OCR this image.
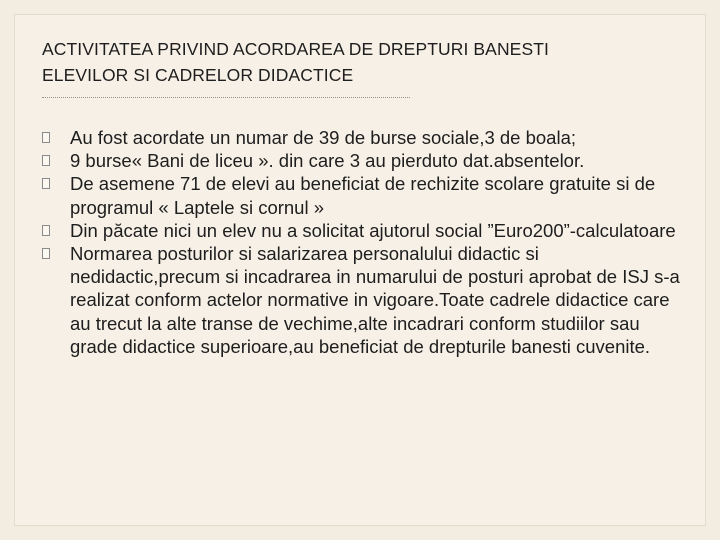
ACTIVITATEA PRIVIND ACORDAREA DE DREPTURI BANESTI
ELEVILOR SI CADRELOR DIDACTICE
Au fost acordate un numar de 39 de burse sociale,3 de boala;
9 burse« Bani de liceu ». din care 3 au pierduto dat.absentelor.
De asemene 71 de elevi au beneficiat de rechizite scolare gratuite si de programul « Laptele si cornul »
Din păcate nici un elev nu a solicitat ajutorul social ”Euro200”-calculatoare
Normarea posturilor si salarizarea personalului didactic si nedidactic,precum si incadrarea in numarului de posturi aprobat de ISJ s-a realizat conform actelor normative in vigoare.Toate cadrele didactice care au trecut la alte transe de vechime,alte incadrari conform studiilor sau grade didactice superioare,au beneficiat de drepturile banesti cuvenite.
